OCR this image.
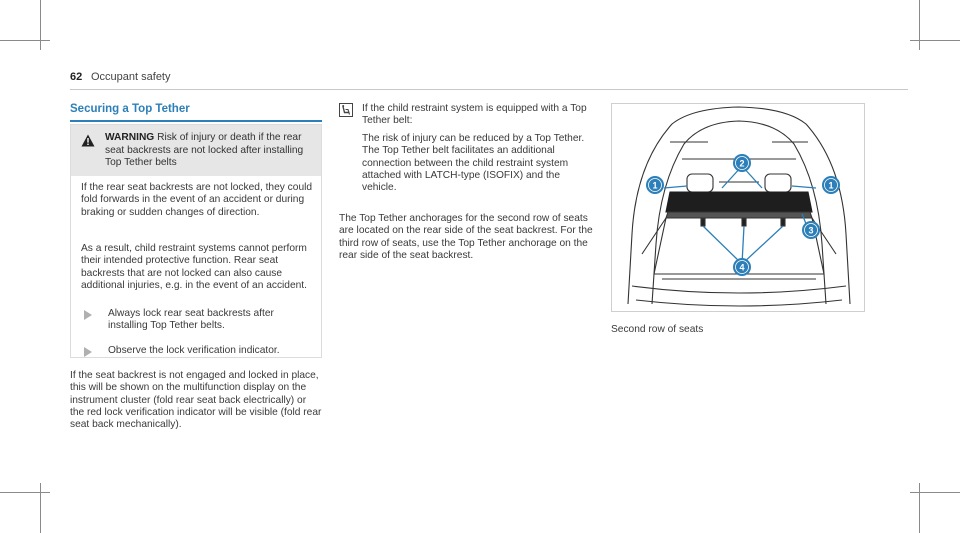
62 Occupant safety
Securing a Top Tether
WARNING Risk of injury or death if the rear seat backrests are not locked after installing Top Tether belts
If the rear seat backrests are not locked, they could fold forwards in the event of an accident or during braking or sudden changes of direction.
As a result, child restraint systems cannot perform their intended protective function. Rear seat backrests that are not locked can also cause additional injuries, e.g. in the event of an accident.
Always lock rear seat backrests after installing Top Tether belts.
Observe the lock verification indicator.
If the seat backrest is not engaged and locked in place, this will be shown on the multifunction display on the instrument cluster (fold rear seat back electrically) or the red lock verification indicator will be visible (fold rear seat back mechanically).
If the child restraint system is equipped with a Top Tether belt:
The risk of injury can be reduced by a Top Tether. The Top Tether belt facilitates an additional connection between the child restraint system attached with LATCH-type (ISOFIX) and the vehicle.
The Top Tether anchorages for the second row of seats are located on the rear side of the seat backrest. For the third row of seats, use the Top Tether anchorage on the rear side of the seat backrest.
2
1	1
3
4
Second row of seats
